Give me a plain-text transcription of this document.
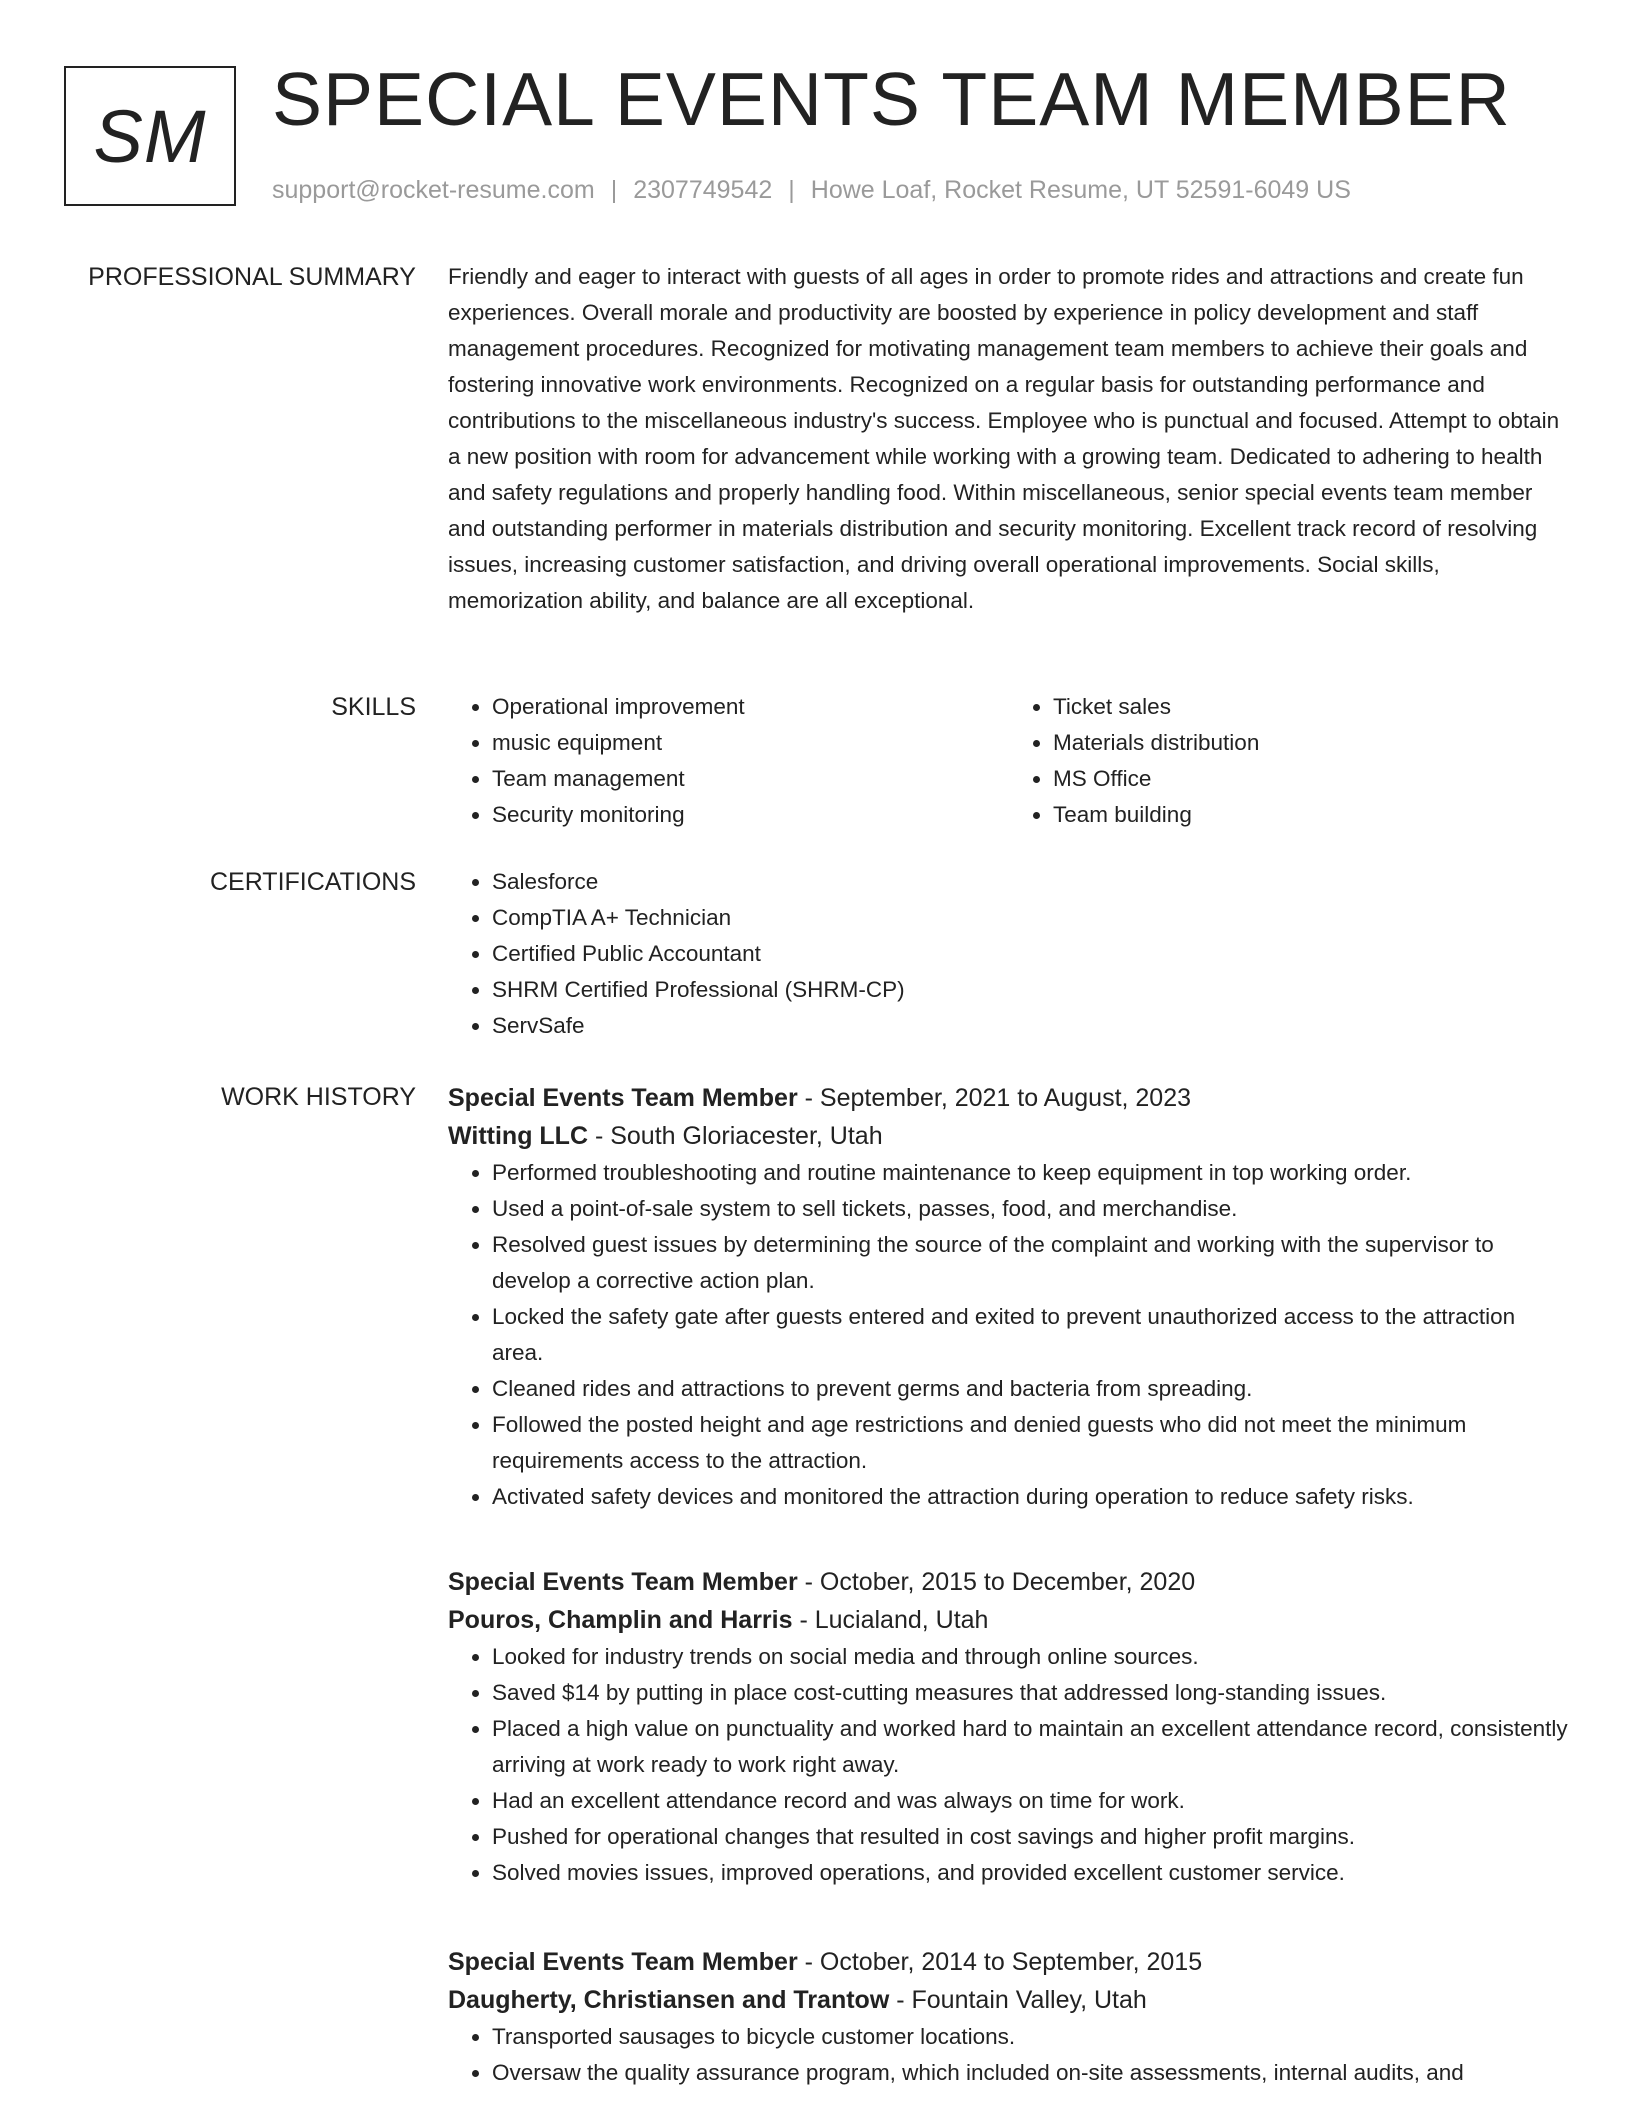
SM SPECIAL EVENTS TEAM MEMBER
support@rocket-resume.com | 2307749542 | Howe Loaf, Rocket Resume, UT 52591-6049 US
PROFESSIONAL SUMMARY Friendly and eager to interact with guests of all ages in order to promote rides and attractions and create fun experiences. Overall morale and productivity are boosted by experience in policy development and staff management procedures. Recognized for motivating management team members to achieve their goals and fostering innovative work environments. Recognized on a regular basis for outstanding performance and contributions to the miscellaneous industry's success. Employee who is punctual and focused. Attempt to obtain a new position with room for advancement while working with a growing team. Dedicated to adhering to health and safety regulations and properly handling food. Within miscellaneous, senior special events team member and outstanding performer in materials distribution and security monitoring. Excellent track record of resolving issues, increasing customer satisfaction, and driving overall operational improvements. Social skills, memorization ability, and balance are all exceptional.

SKILLS	• Operational improvement
• music equipment
• Team management
• Security monitoring
• Ticket sales
• Materials distribution
• MS Office
• Team building
CERTIFICATIONS	• Salesforce
• CompTIA A+ Technician
• Certified Public Accountant
• SHRM Certified Professional (SHRM-CP)
• ServSafe
WORK HISTORY Special Events Team Member - September, 2021 to August, 2023
Witting LLC - South Gloriacester, Utah
• Performed troubleshooting and routine maintenance to keep equipment in top working order.
• Used a point-of-sale system to sell tickets, passes, food, and merchandise.
• Resolved guest issues by determining the source of the complaint and working with the supervisor to develop a corrective action plan.
• Locked the safety gate after guests entered and exited to prevent unauthorized access to the attraction area.
• Cleaned rides and attractions to prevent germs and bacteria from spreading.
• Followed the posted height and age restrictions and denied guests who did not meet the minimum requirements access to the attraction.
• Activated safety devices and monitored the attraction during operation to reduce safety risks.
Special Events Team Member - October, 2015 to December, 2020
Pouros, Champlin and Harris - Lucialand, Utah
• Looked for industry trends on social media and through online sources.
• Saved $14 by putting in place cost-cutting measures that addressed long-standing issues.
• Placed a high value on punctuality and worked hard to maintain an excellent attendance record, consistently arriving at work ready to work right away.
• Had an excellent attendance record and was always on time for work.
• Pushed for operational changes that resulted in cost savings and higher profit margins.
• Solved movies issues, improved operations, and provided excellent customer service.
Special Events Team Member - October, 2014 to September, 2015
Daugherty, Christiansen and Trantow - Fountain Valley, Utah
• Transported sausages to bicycle customer locations.
• Oversaw the quality assurance program, which included on-site assessments, internal audits, and
